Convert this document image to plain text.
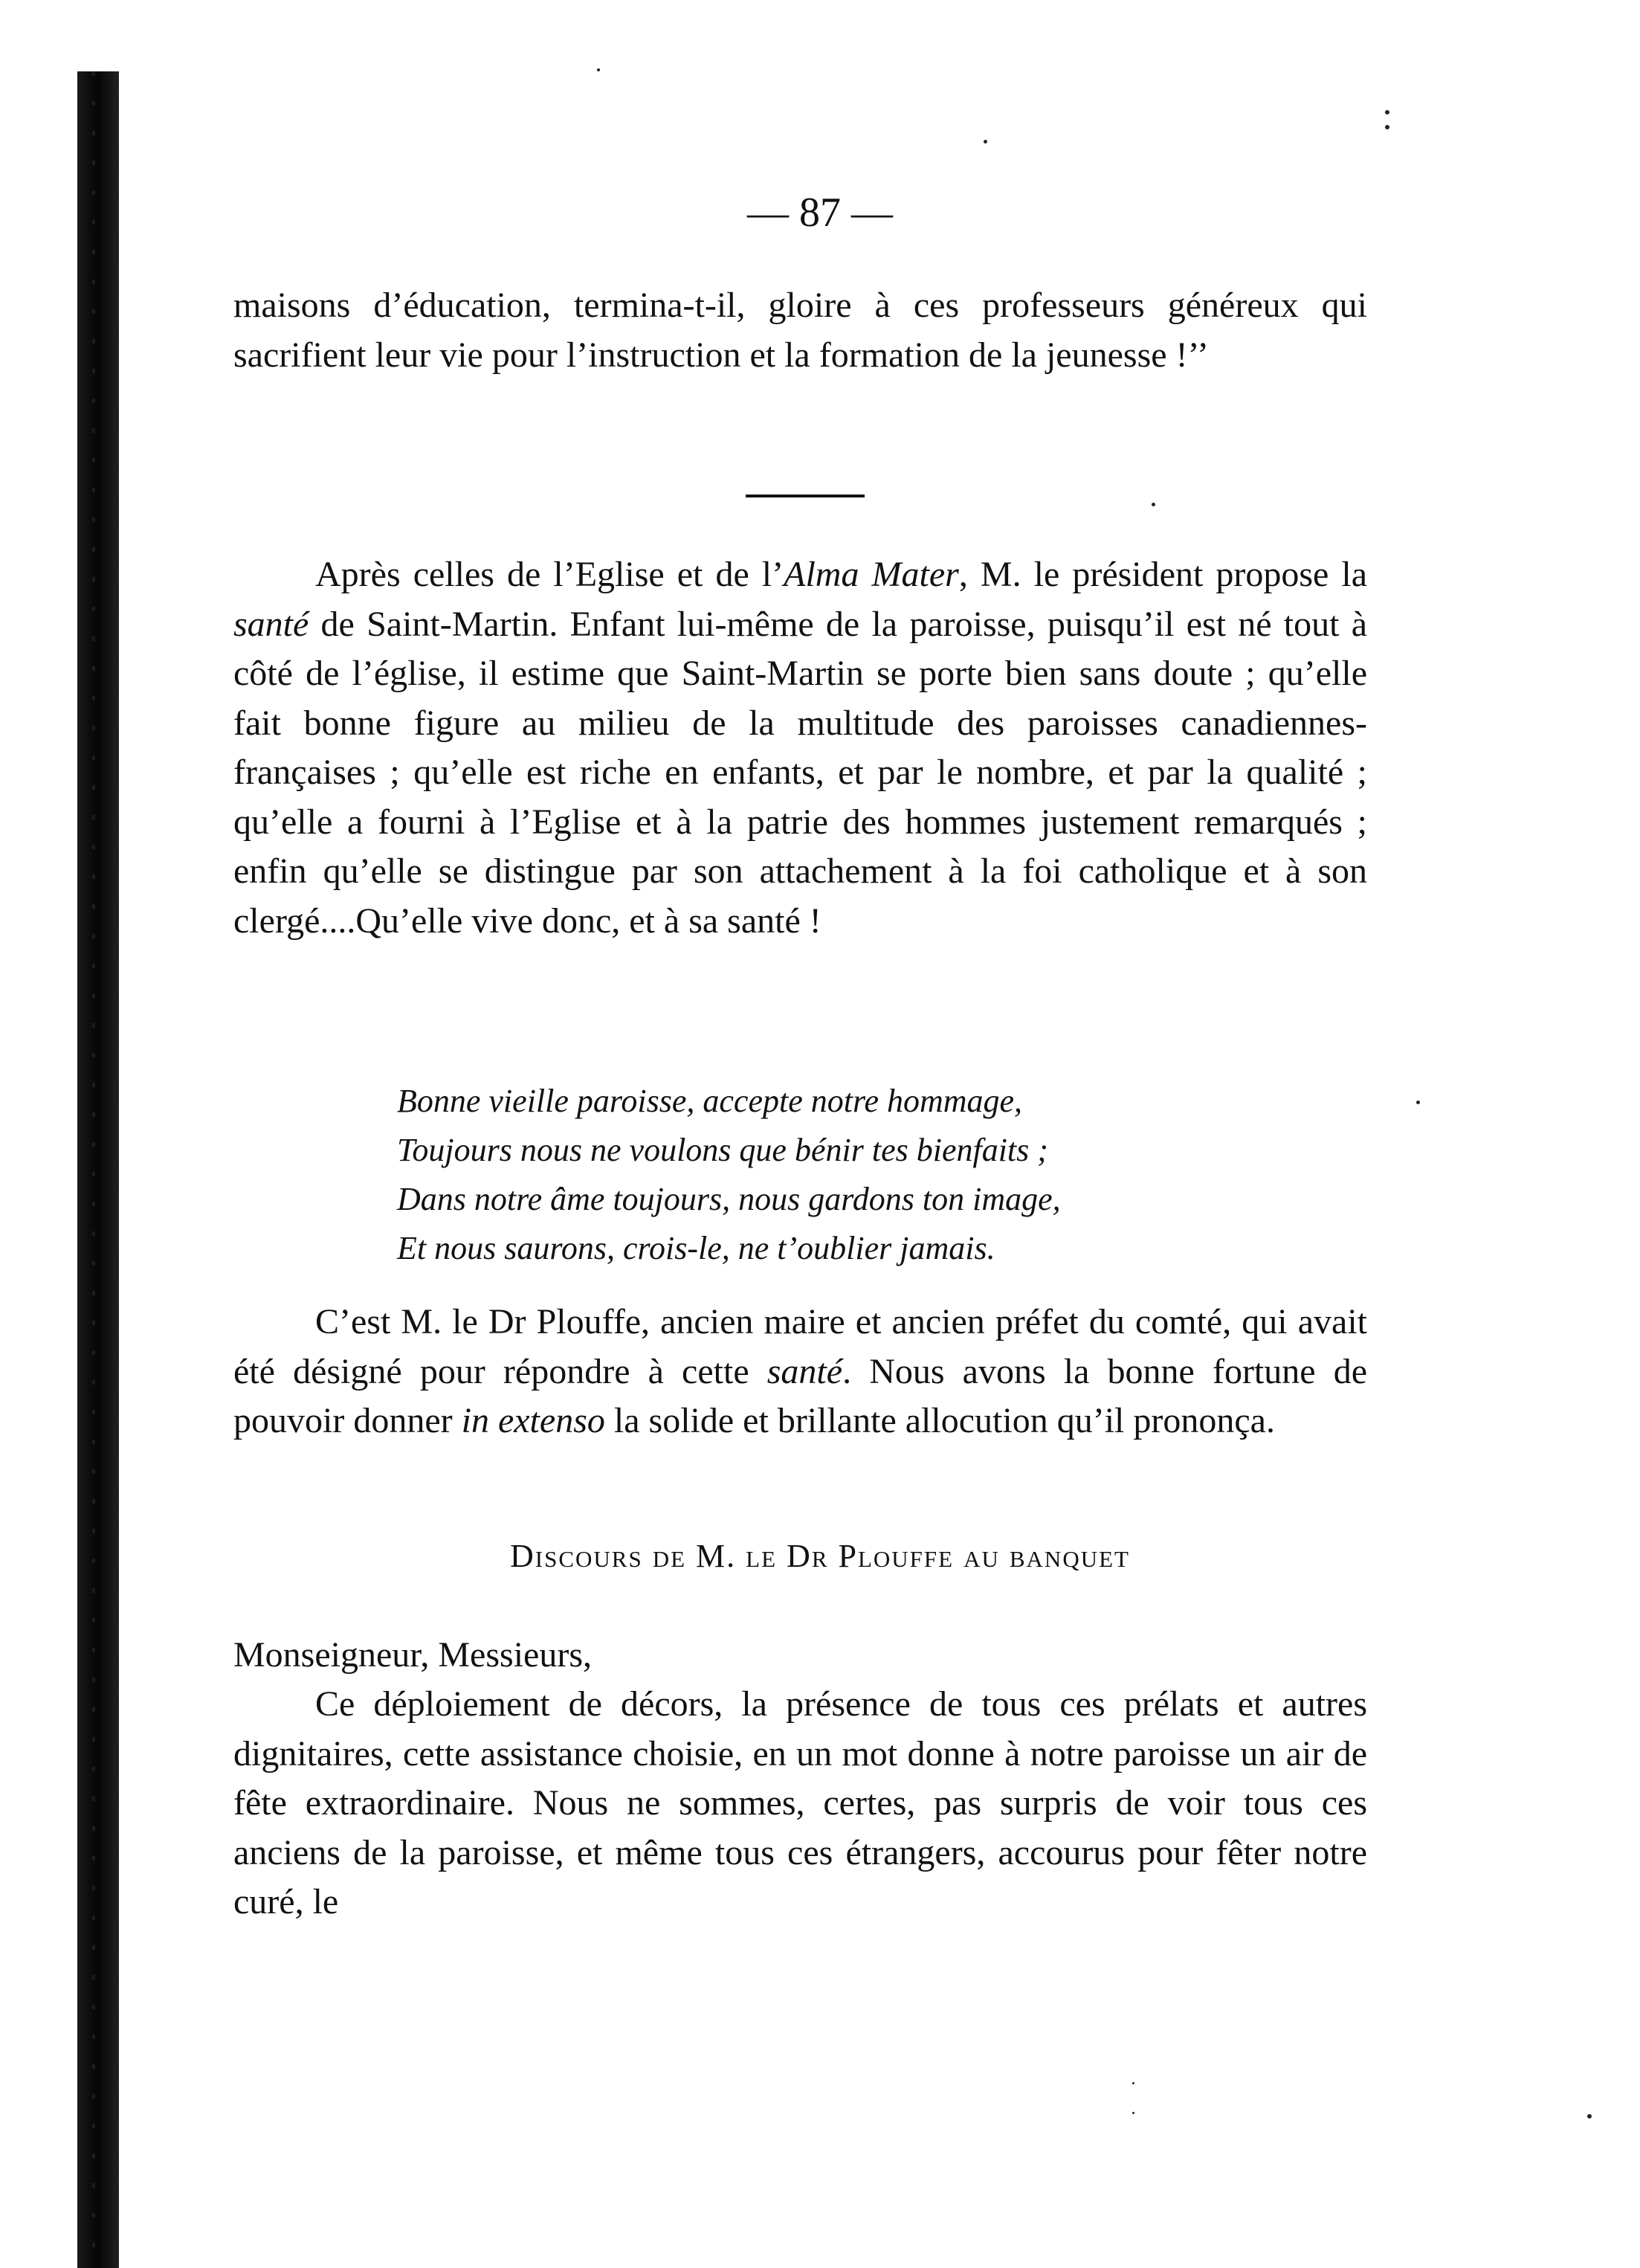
— 87 —

maisons d’éducation, termina-t-il, gloire à ces professeurs généreux qui sacrifient leur vie pour l’instruction et la formation de la jeunesse !’’

Après celles de l’Eglise et de l’Alma Mater, M. le président propose la santé de Saint-Martin. Enfant lui-même de la paroisse, puisqu’il est né tout à côté de l’église, il estime que Saint-Martin se porte bien sans doute ; qu’elle fait bonne figure au milieu de la multitude des paroisses canadiennes-françaises ; qu’elle est riche en enfants, et par le nombre, et par la qualité ; qu’elle a fourni à l’Eglise et à la patrie des hommes justement remarqués ; enfin qu’elle se distingue par son attachement à la foi catholique et à son clergé....Qu’elle vive donc, et à sa santé !

Bonne vieille paroisse, accepte notre hommage,
Toujours nous ne voulons que bénir tes bienfaits ;
Dans notre âme toujours, nous gardons ton image,
Et nous saurons, crois-le, ne t’oublier jamais.

C’est M. le Dr Plouffe, ancien maire et ancien préfet du comté, qui avait été désigné pour répondre à cette santé. Nous avons la bonne fortune de pouvoir donner in extenso la solide et brillante allocution qu’il prononça.

Discours de M. le Dr Plouffe au banquet
Monseigneur, Messieurs,

Ce déploiement de décors, la présence de tous ces prélats et autres dignitaires, cette assistance choisie, en un mot donne à notre paroisse un air de fête extraordinaire. Nous ne sommes, certes, pas surpris de voir tous ces anciens de la paroisse, et même tous ces étrangers, accourus pour fêter notre curé, le
